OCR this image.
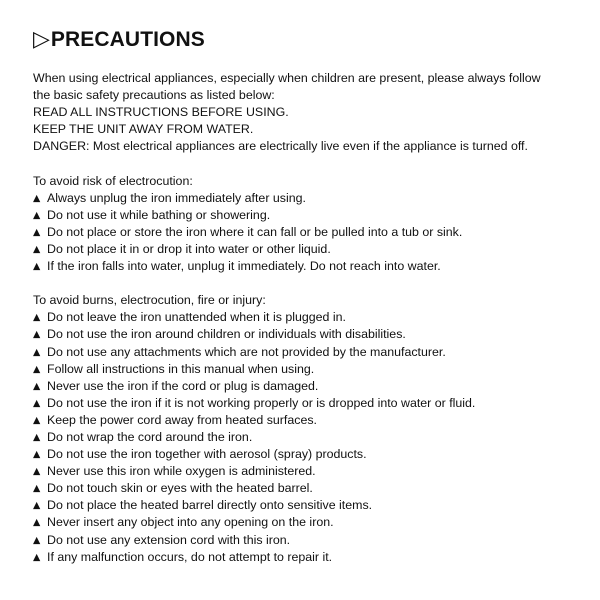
▷ PRECAUTIONS
When using electrical appliances, especially when children are present, please always follow
the basic safety precautions as listed below:
READ ALL INSTRUCTIONS BEFORE USING.
KEEP THE UNIT AWAY FROM WATER.
DANGER: Most electrical appliances are electrically live even if the appliance is turned off.
To avoid risk of electrocution:
▲ Always unplug the iron immediately after using.
▲ Do not use it while bathing or showering.
▲ Do not place or store the iron where it can fall or be pulled into a tub or sink.
▲ Do not place it in or drop it into water or other liquid.
▲ If the iron falls into water, unplug it immediately. Do not reach into water.
To avoid burns, electrocution, fire or injury:
▲ Do not leave the iron unattended when it is plugged in.
▲ Do not use the iron around children or individuals with disabilities.
▲ Do not use any attachments which are not provided by the manufacturer.
▲ Follow all instructions in this manual when using.
▲ Never use the iron if the cord or plug is damaged.
▲ Do not use the iron if it is not working properly or is dropped into water or fluid.
▲ Keep the power cord away from heated surfaces.
▲ Do not wrap the cord around the iron.
▲ Do not use the iron together with aerosol (spray) products.
▲ Never use this iron while oxygen is administered.
▲ Do not touch skin or eyes with the heated barrel.
▲ Do not place the heated barrel directly onto sensitive items.
▲ Never insert any object into any opening on the iron.
▲ Do not use any extension cord with this iron.
▲ If any malfunction occurs, do not attempt to repair it.
